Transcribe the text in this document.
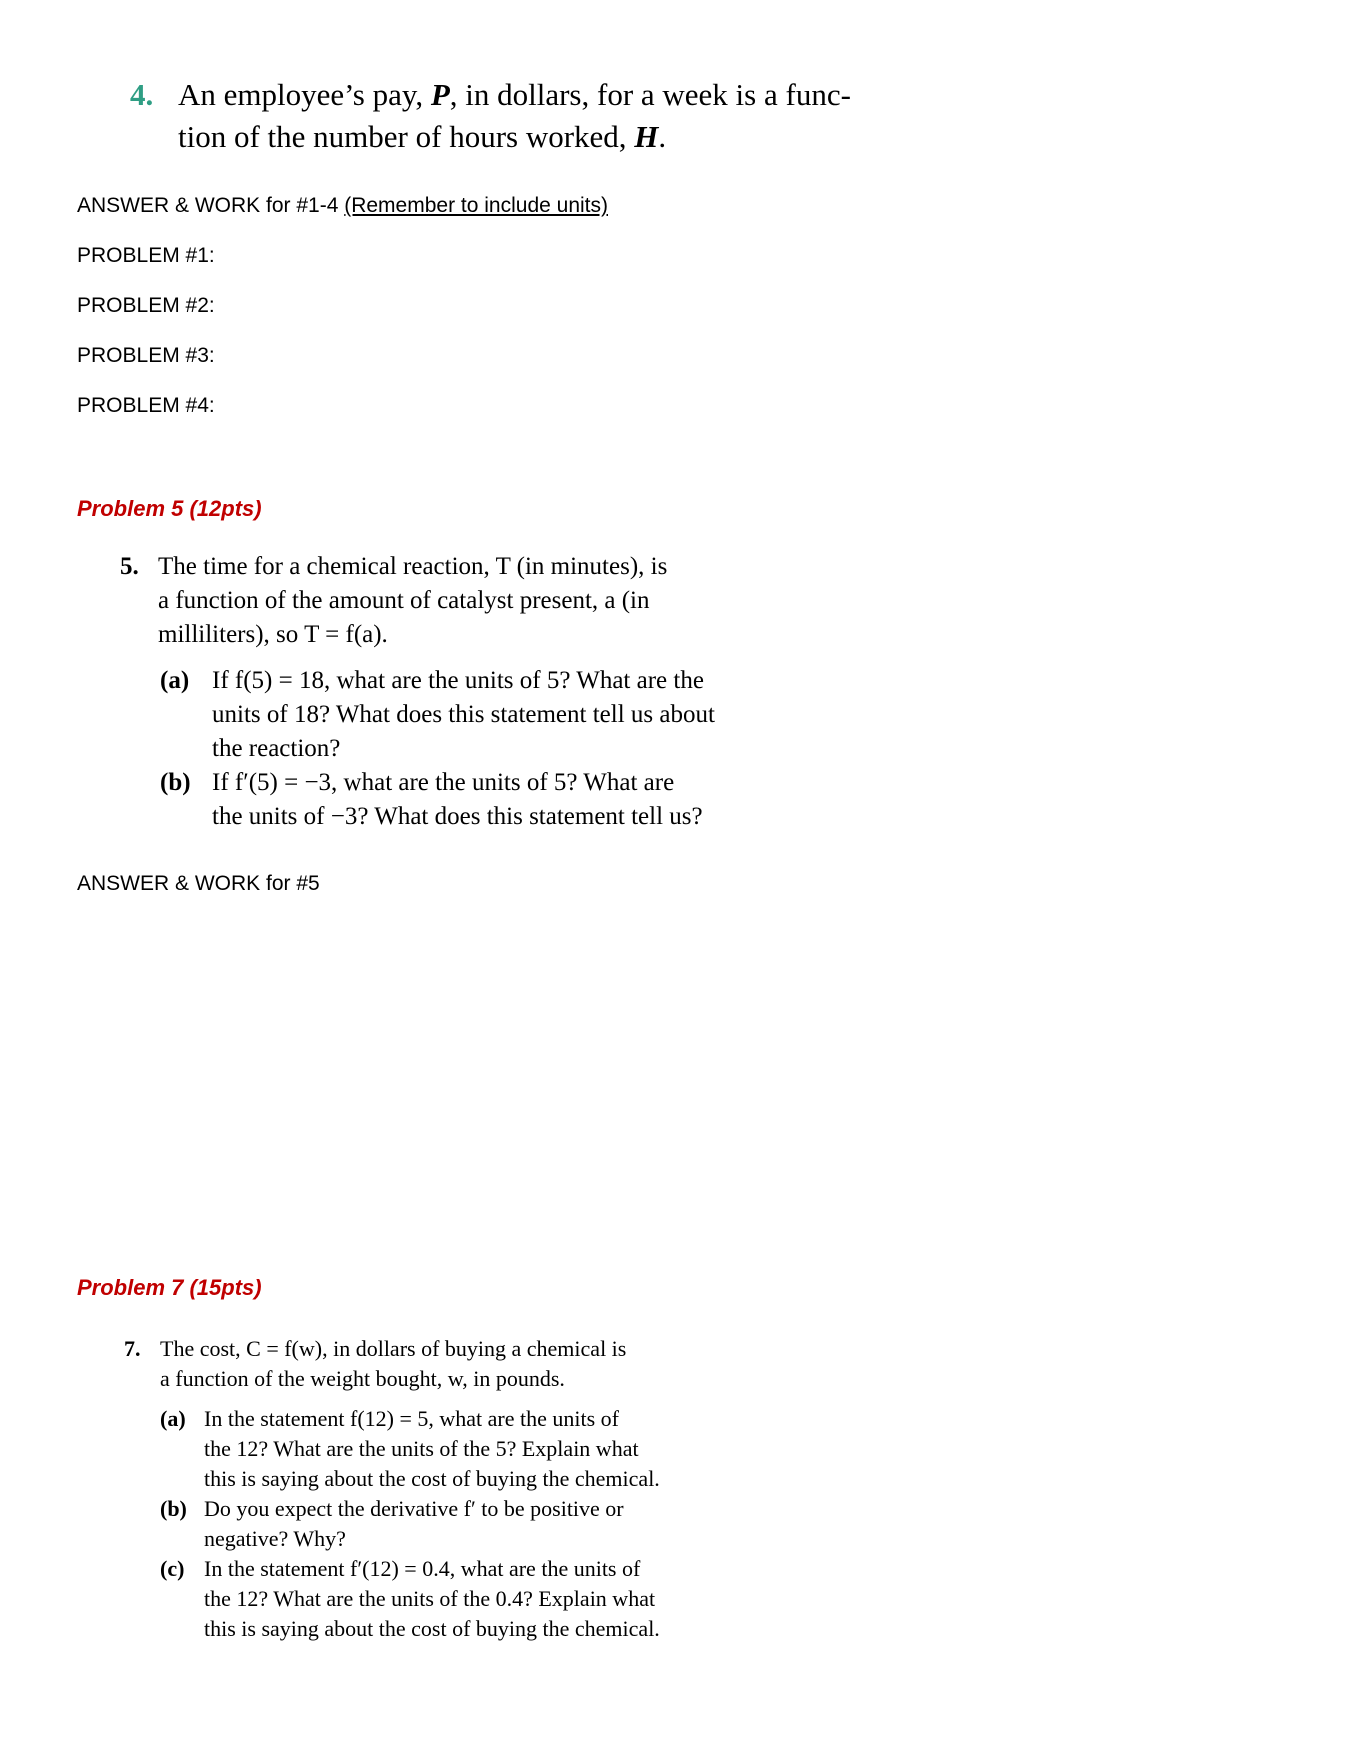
4. An employee’s pay, P, in dollars, for a week is a func-
tion of the number of hours worked, H.
ANSWER & WORK for #1-4 (Remember to include units)
PROBLEM #1:
PROBLEM #2:
PROBLEM #3:
PROBLEM #4:
Problem 5 (12pts)
5. The time for a chemical reaction, T (in minutes), is
a function of the amount of catalyst present, a (in
milliliters), so T = f(a).
(a) If f(5) = 18, what are the units of 5? What are the
units of 18? What does this statement tell us about
the reaction?
(b) If f′(5) = −3, what are the units of 5? What are
the units of −3? What does this statement tell us?
ANSWER & WORK for #5
Problem 7 (15pts)
7. The cost, C = f(w), in dollars of buying a chemical is
a function of the weight bought, w, in pounds.
(a) In the statement f(12) = 5, what are the units of
the 12? What are the units of the 5? Explain what
this is saying about the cost of buying the chemical.
(b) Do you expect the derivative f′ to be positive or
negative? Why?
(c) In the statement f′(12) = 0.4, what are the units of
the 12? What are the units of the 0.4? Explain what
this is saying about the cost of buying the chemical.
